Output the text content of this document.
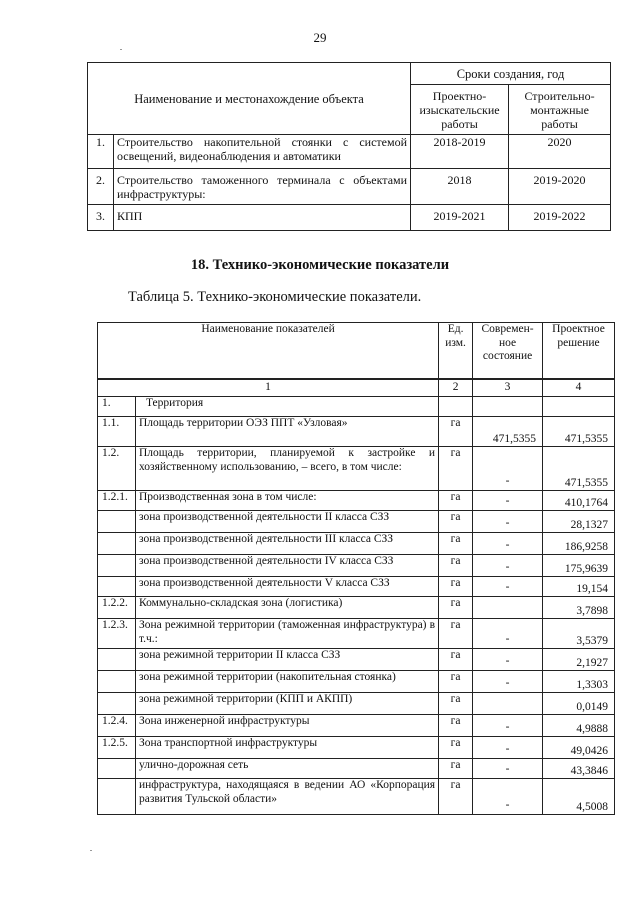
29
Наименование и местонахождение объекта		Сроки создания, год	
		Проектно-изыскательские работы	Строительно-монтажные работы
1.	Строительство накопительной стоянки с системой освещений, видеонаблюдения и автоматики	2018-2019	2020
2.	Строительство таможенного терминала с объектами инфраструктуры:	2018	2019-2020
3.	КПП	2019-2021	2019-2022
18. Технико-экономические показатели
Таблица 5. Технико-экономические показатели.
Наименование показателей		Ед. изм.	Современ-ное состояние	Проектное решение
1		2	3	4
1.	Территория			
1.1.	Площадь территории ОЭЗ ППТ «Узловая»	га	471,5355	471,5355
1.2.	Площадь территории, планируемой к застройке и хозяйственному использованию, – всего, в том числе:	га	-	471,5355
1.2.1.	Производственная зона в том числе:	га	-	410,1764
	зона производственной деятельности II класса СЗЗ	га	-	28,1327
	зона производственной деятельности III класса СЗЗ	га	-	186,9258
	зона производственной деятельности IV класса СЗЗ	га	-	175,9639
	зона производственной деятельности V класса СЗЗ	га	-	19,154
1.2.2.	Коммунально-складская зона (логистика)	га		3,7898
1.2.3.	Зона режимной территории (таможенная инфраструктура) в т.ч.:	га	-	3,5379
	зона режимной территории II класса СЗЗ	га	-	2,1927
	зона режимной территории (накопительная стоянка)	га	-	1,3303
	зона режимной территории (КПП и АКПП)	га		0,0149
1.2.4.	Зона инженерной инфраструктуры	га	-	4,9888
1.2.5.	Зона транспортной инфраструктуры	га	-	49,0426
	улично-дорожная сеть	га	-	43,3846
	инфраструктура, находящаяся в ведении АО «Корпорация развития Тульской области»	га	-	4,5008
